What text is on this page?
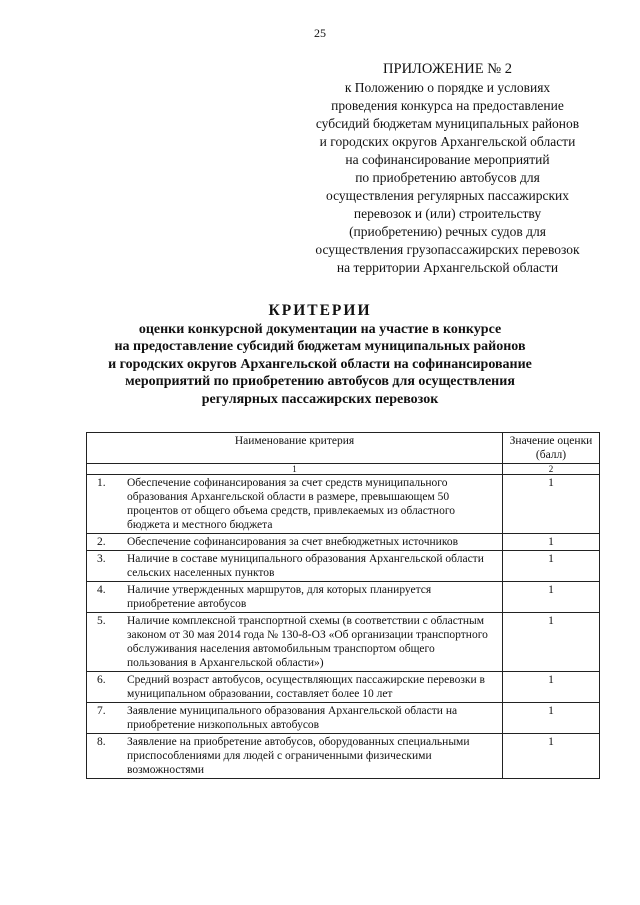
25
ПРИЛОЖЕНИЕ № 2
к Положению о порядке и условиях
проведения конкурса на предоставление
субсидий бюджетам муниципальных районов
и городских округов Архангельской области
на софинансирование мероприятий
по приобретению автобусов для
осуществления регулярных пассажирских
перевозок и (или) строительству
(приобретению) речных судов для
осуществления грузопассажирских перевозок
на территории Архангельской области
КРИТЕРИИ
оценки конкурсной документации на участие в конкурсе
на предоставление субсидий бюджетам муниципальных районов
и городских округов Архангельской области на софинансирование
мероприятий по приобретению автобусов для осуществления
регулярных пассажирских перевозок
Наименование критерия		Значение оценки (балл)
1		2
1.	Обеспечение софинансирования за счет средств муниципального образования Архангельской области в размере, превышающем 50 процентов от общего объема средств, привлекаемых из областного бюджета и местного бюджета	1
2.	Обеспечение софинансирования за счет внебюджетных источников	1
3.	Наличие в составе муниципального образования Архангельской области сельских населенных пунктов	1
4.	Наличие утвержденных маршрутов, для которых планируется приобретение автобусов	1
5.	Наличие комплексной транспортной схемы (в соответствии с областным законом от 30 мая 2014 года № 130-8-ОЗ «Об организации транспортного обслуживания населения автомобильным транспортом общего пользования в Архангельской области»)	1
6.	Средний возраст автобусов, осуществляющих пассажирские перевозки в муниципальном образовании, составляет более 10 лет	1
7.	Заявление муниципального образования Архангельской области на приобретение низкопольных автобусов	1
8.	Заявление на приобретение автобусов, оборудованных специальными приспособлениями для людей с ограниченными физическими возможностями	1
